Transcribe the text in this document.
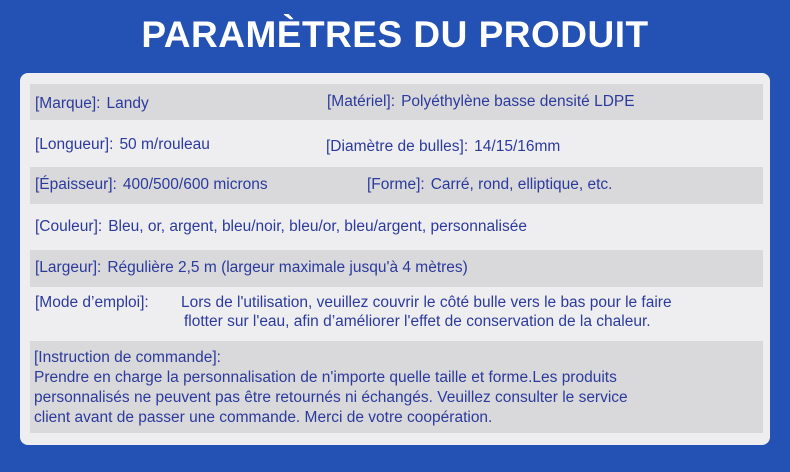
PARAMÈTRES DU PRODUIT
[Marque]: Landy	[Matériel]: Polyéthylène basse densité LDPE
[Longueur]: 50 m/rouleau	[Diamètre de bulles]: 14/15/16mm
[Épaisseur]: 400/500/600 microns	[Forme]: Carré, rond, elliptique, etc.
[Couleur]: Bleu, or, argent, bleu/noir, bleu/or, bleu/argent, personnalisée
[Largeur]: Régulière 2,5 m (largeur maximale jusqu'à 4 mètres)
[Mode d’emploi]: Lors de l'utilisation, veuillez couvrir le côté bulle vers le bas pour le faire
flotter sur l'eau, afin d’améliorer l'effet de conservation de la chaleur.
[Instruction de commande]:
Prendre en charge la personnalisation de n'importe quelle taille et forme.Les produits
personnalisés ne peuvent pas être retournés ni échangés. Veuillez consulter le service
client avant de passer une commande. Merci de votre coopération.
